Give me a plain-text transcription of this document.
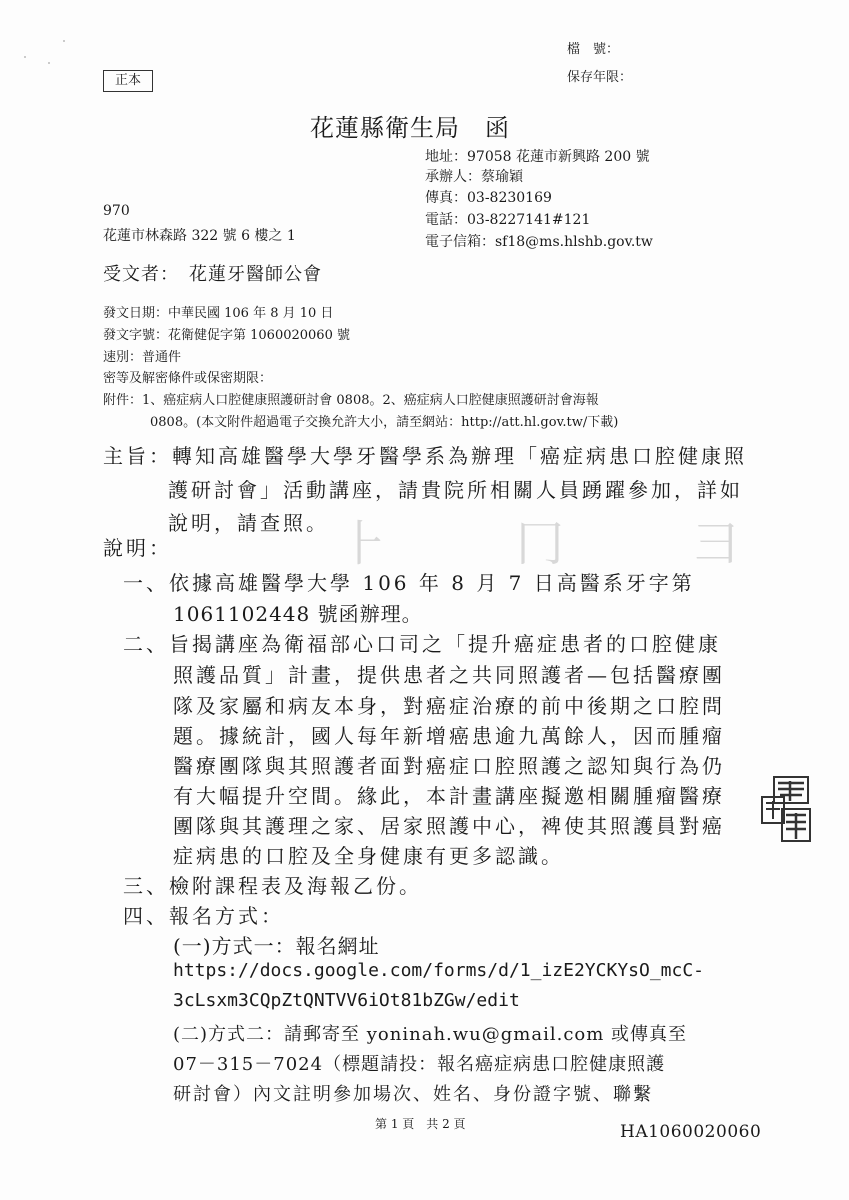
⺊　⼌　⺕
檔　號：
保存年限：
正本
花蓮縣衛生局　函
地址：97058 花蓮市新興路 200 號
承辦人：蔡瑜穎
傳真：03-8230169
電話：03-8227141#121
電子信箱：sf18@ms.hlshb.gov.tw
970
花蓮市林森路 322 號 6 樓之 1
受文者：　花蓮牙醫師公會
發文日期：中華民國 106 年 8 月 10 日
發文字號：花衛健促字第 1060020060 號
速別：普通件
密等及解密條件或保密期限：
附件：1、癌症病人口腔健康照護研討會 0808。2、癌症病人口腔健康照護研討會海報
0808。(本文附件超過電子交換允許大小，請至網站：http://att.hl.gov.tw/下載)
主旨：轉知高雄醫學大學牙醫學系為辦理「癌症病患口腔健康照
護研討會」活動講座，請貴院所相關人員踴躍參加，詳如
說明，請查照。
說明：
一、依據高雄醫學大學 106 年 8 月 7 日高醫系牙字第
1061102448 號函辦理。
二、旨揭講座為衛福部心口司之「提升癌症患者的口腔健康
照護品質」計畫，提供患者之共同照護者—包括醫療團
隊及家屬和病友本身，對癌症治療的前中後期之口腔問
題。據統計，國人每年新增癌患逾九萬餘人，因而腫瘤
醫療團隊與其照護者面對癌症口腔照護之認知與行為仍
有大幅提升空間。緣此，本計畫講座擬邀相關腫瘤醫療
團隊與其護理之家、居家照護中心，裨使其照護員對癌
症病患的口腔及全身健康有更多認識。
三、檢附課程表及海報乙份。
四、報名方式：
(一)方式一：報名網址
https://docs.google.com/forms/d/1_izE2YCKYsO_mcC-
3cLsxm3CQpZtQNTVV6iOt81bZGw/edit
(二)方式二：請郵寄至 yoninah.wu@gmail.com 或傳真至
07－315－7024（標題請投：報名癌症病患口腔健康照護
研討會）內文註明參加場次、姓名、身份證字號、聯繫
第 1 頁　共 2 頁	HA1060020060
